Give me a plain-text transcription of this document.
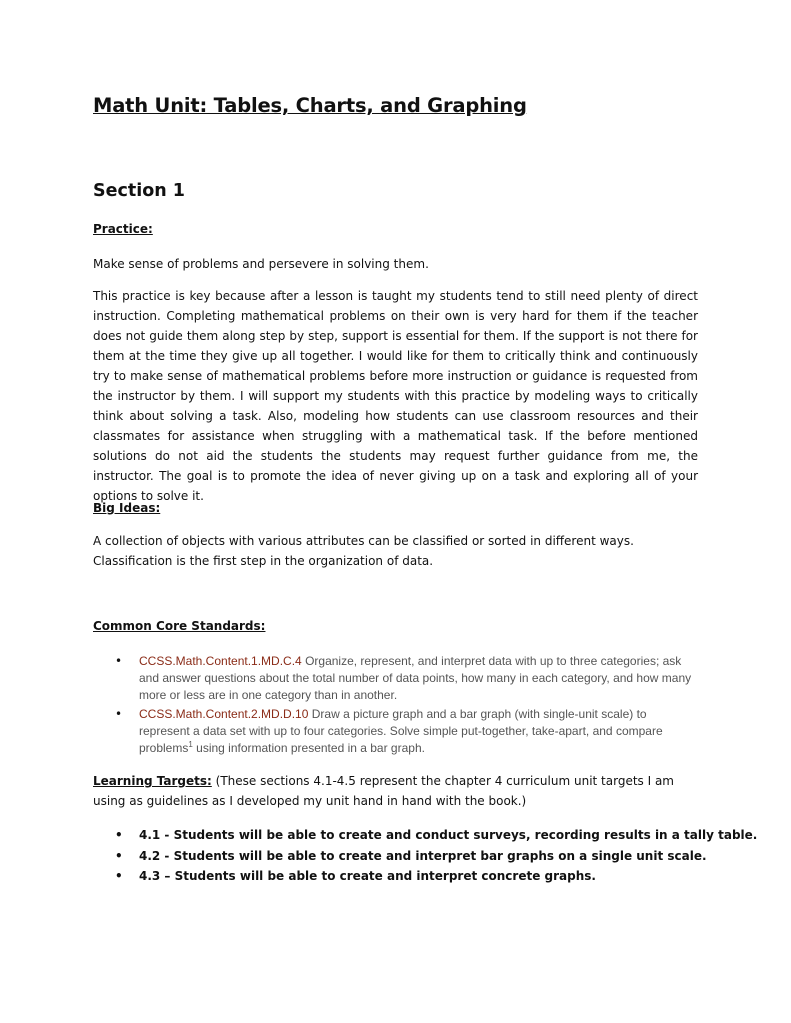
Math Unit: Tables, Charts, and Graphing
Section 1

Practice:

Make sense of problems and persevere in solving them.

This practice is key because after a lesson is taught my students tend to still need plenty of direct instruction. Completing mathematical problems on their own is very hard for them if the teacher does not guide them along step by step, support is essential for them. If the support is not there for them at the time they give up all together. I would like for them to critically think and continuously try to make sense of mathematical problems before more instruction or guidance is requested from the instructor by them. I will support my students with this practice by modeling ways to critically think about solving a task. Also, modeling how students can use classroom resources and their classmates for assistance when struggling with a mathematical task. If the before mentioned solutions do not aid the students the students may request further guidance from me, the instructor. The goal is to promote the idea of never giving up on a task and exploring all of your options to solve it.

Big Ideas:

A collection of objects with various attributes can be classified or sorted in different ways. Classification is the first step in the organization of data.

Common Core Standards:

• CCSS.Math.Content.1.MD.C.4 Organize, represent, and interpret data with up to three categories; ask and answer questions about the total number of data points, how many in each category, and how many more or less are in one category than in another.
• CCSS.Math.Content.2.MD.D.10 Draw a picture graph and a bar graph (with single-unit scale) to represent a data set with up to four categories. Solve simple put-together, take-apart, and compare problems$^1$ using information presented in a bar graph.

Learning Targets: (These sections 4.1-4.5 represent the chapter 4 curriculum unit targets I am using as guidelines as I developed my unit hand in hand with the book.)

• 4.1 - Students will be able to create and conduct surveys, recording results in a tally table.
• 4.2 - Students will be able to create and interpret bar graphs on a single unit scale.
• 4.3 – Students will be able to create and interpret concrete graphs.
